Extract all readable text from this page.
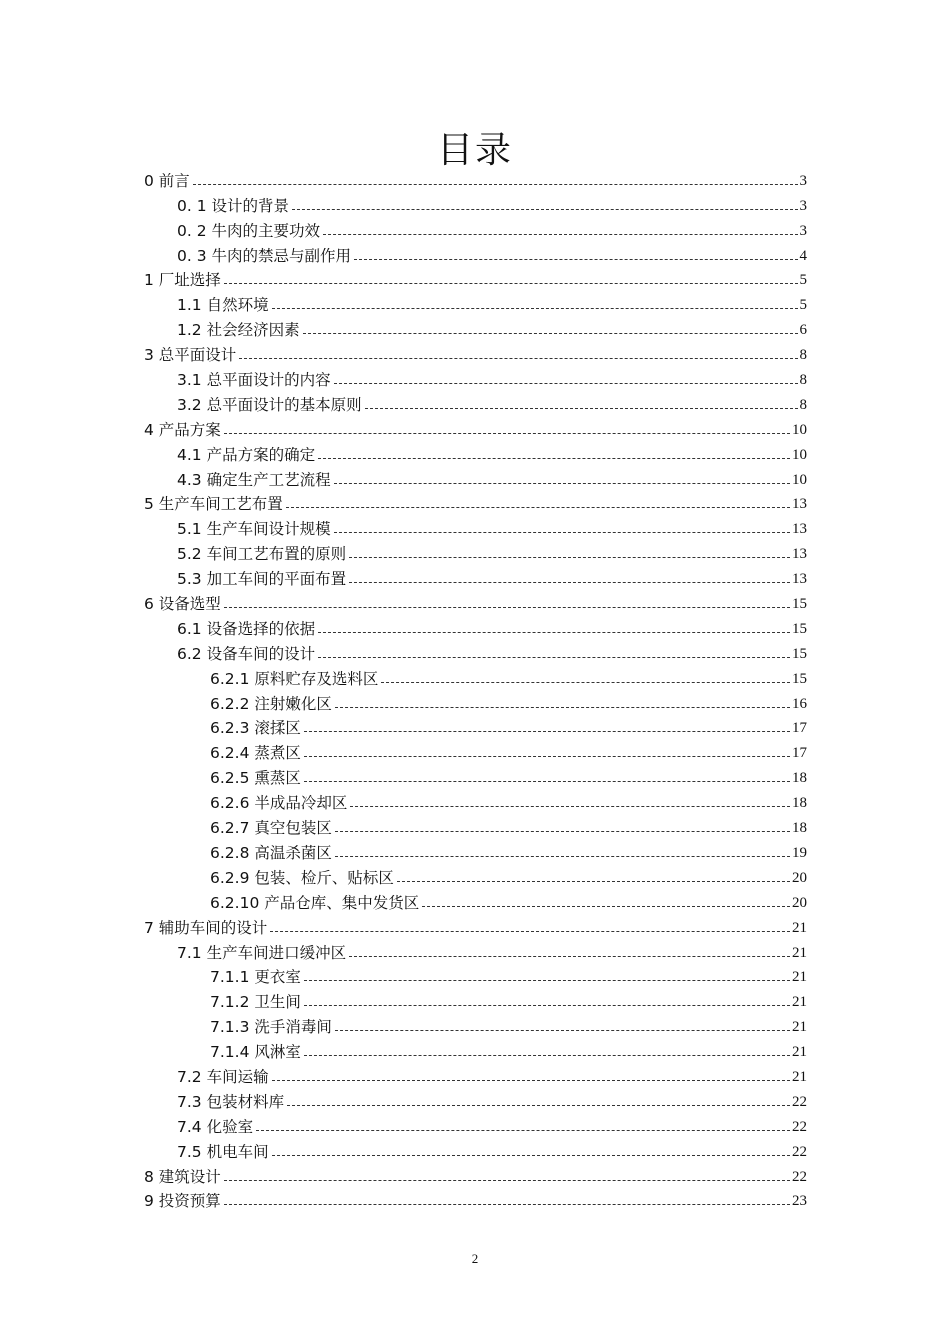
目录
0 前言	3
0. 1 设计的背景	3
0. 2 牛肉的主要功效	3
0. 3 牛肉的禁忌与副作用	4
1 厂址选择	5
1.1 自然环境	5
1.2 社会经济因素	6
3 总平面设计	8
3.1 总平面设计的内容	8
3.2 总平面设计的基本原则	8
4 产品方案	10
4.1 产品方案的确定	10
4.3 确定生产工艺流程	10
5 生产车间工艺布置	13
5.1 生产车间设计规模	13
5.2 车间工艺布置的原则	13
5.3 加工车间的平面布置	13
6 设备选型	15
6.1 设备选择的依据	15
6.2 设备车间的设计	15
6.2.1 原料贮存及选料区	15
6.2.2 注射嫩化区	16
6.2.3 滚揉区	17
6.2.4 蒸煮区	17
6.2.5 熏蒸区	18
6.2.6 半成品冷却区	18
6.2.7 真空包装区	18
6.2.8 高温杀菌区	19
6.2.9 包装、检斤、贴标区	20
6.2.10 产品仓库、集中发货区	20
7 辅助车间的设计	21
7.1 生产车间进口缓冲区	21
7.1.1 更衣室	21
7.1.2 卫生间	21
7.1.3 洗手消毒间	21
7.1.4 风淋室	21
7.2 车间运输	21
7.3 包装材料库	22
7.4 化验室	22
7.5 机电车间	22
8 建筑设计	22
9 投资预算	23
2
